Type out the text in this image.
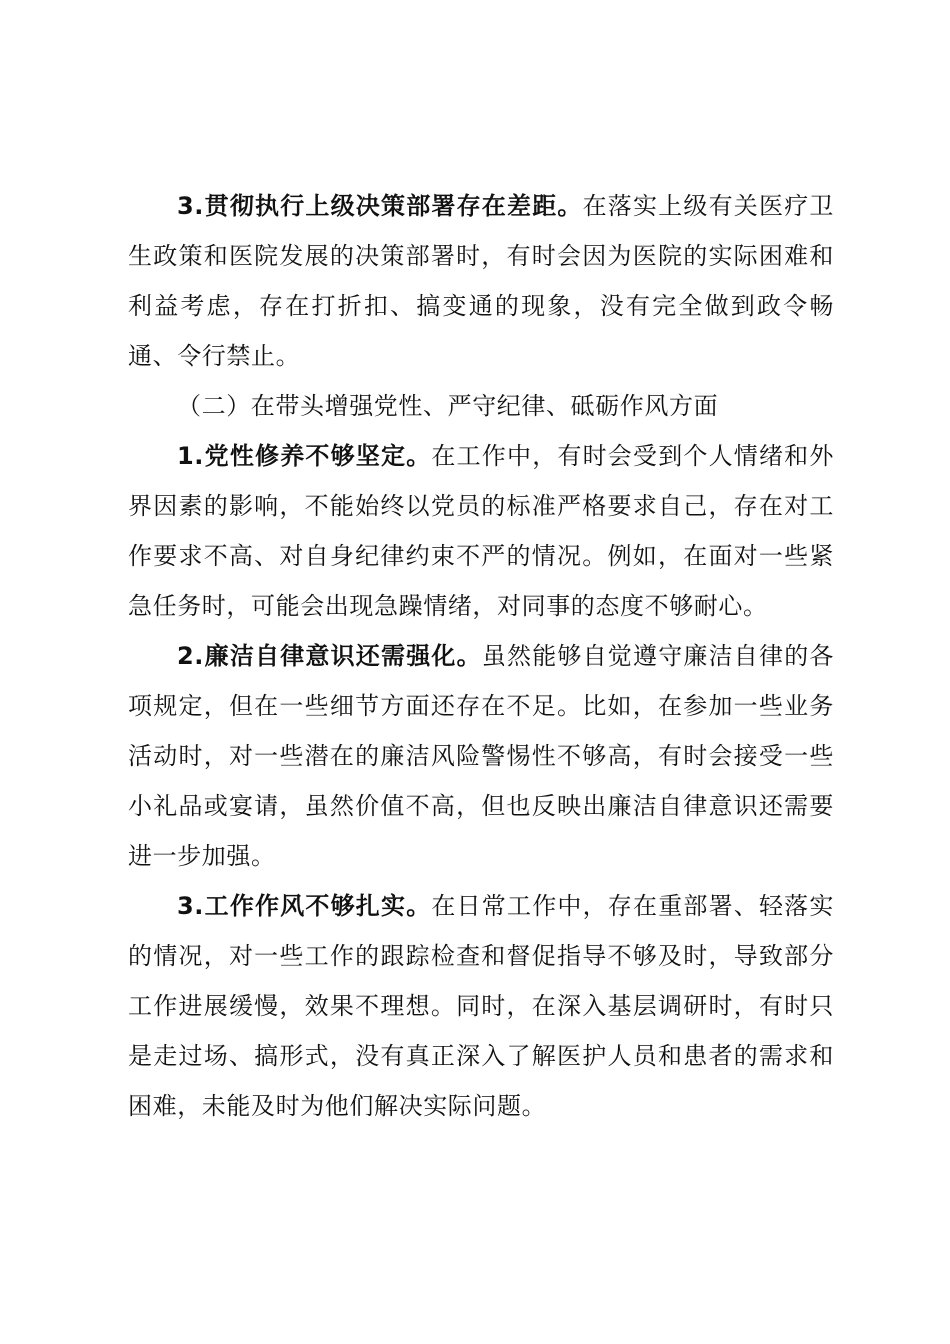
3.贯彻执行上级决策部署存在差距。在落实上级有关医疗卫生政策和医院发展的决策部署时，有时会因为医院的实际困难和利益考虑，存在打折扣、搞变通的现象，没有完全做到政令畅通、令行禁止。

（二）在带头增强党性、严守纪律、砥砺作风方面

1.党性修养不够坚定。在工作中，有时会受到个人情绪和外界因素的影响，不能始终以党员的标准严格要求自己，存在对工作要求不高、对自身纪律约束不严的情况。例如，在面对一些紧急任务时，可能会出现急躁情绪，对同事的态度不够耐心。

2.廉洁自律意识还需强化。虽然能够自觉遵守廉洁自律的各项规定，但在一些细节方面还存在不足。比如，在参加一些业务活动时，对一些潜在的廉洁风险警惕性不够高，有时会接受一些小礼品或宴请，虽然价值不高，但也反映出廉洁自律意识还需要进一步加强。

3.工作作风不够扎实。在日常工作中，存在重部署、轻落实的情况，对一些工作的跟踪检查和督促指导不够及时，导致部分工作进展缓慢，效果不理想。同时，在深入基层调研时，有时只是走过场、搞形式，没有真正深入了解医护人员和患者的需求和困难，未能及时为他们解决实际问题。
